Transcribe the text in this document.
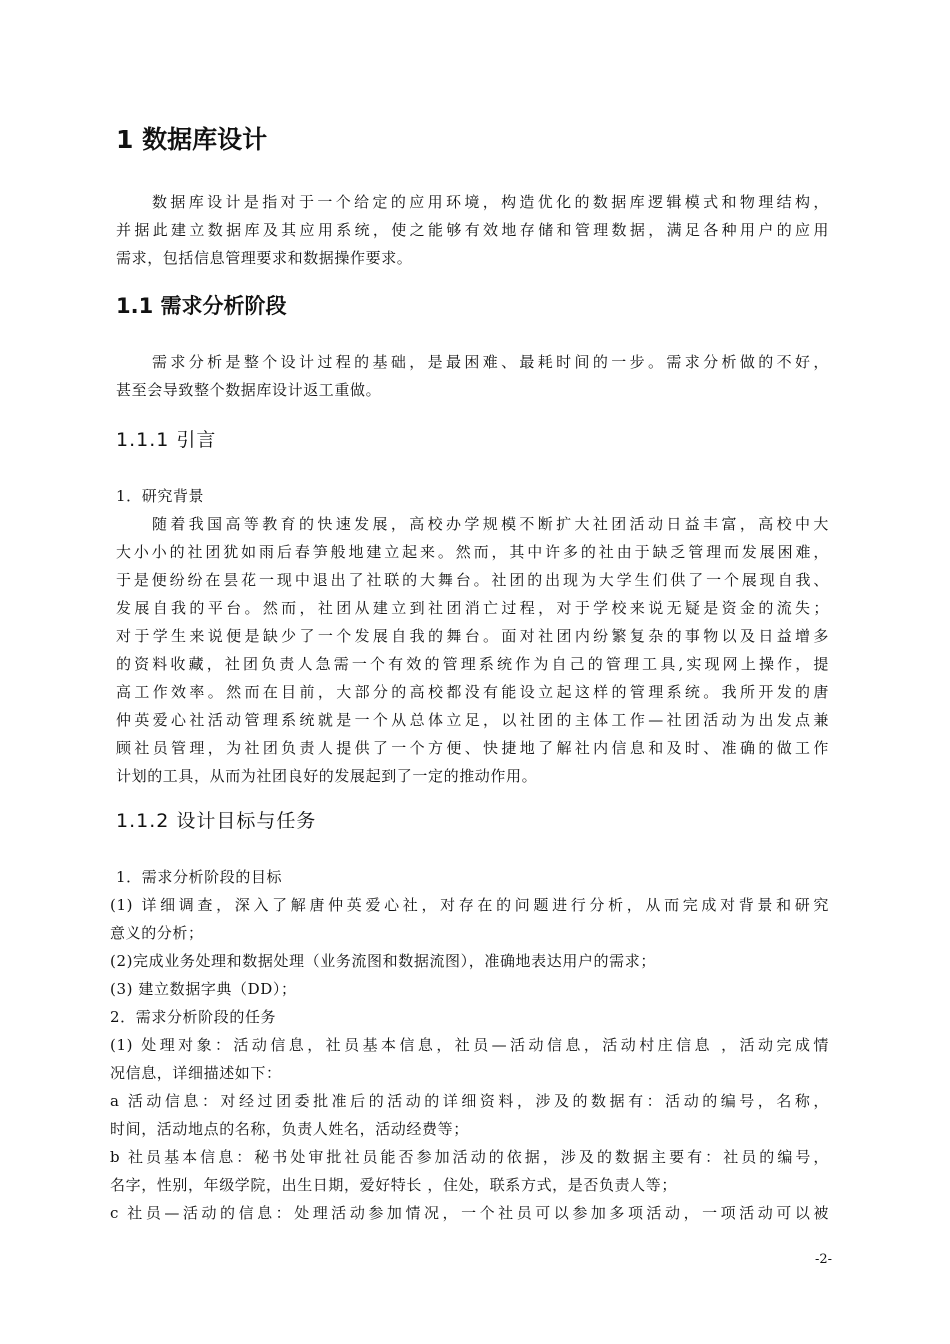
1 数据库设计

数据库设计是指对于一个给定的应用环境，构造优化的数据库逻辑模式和物理结构，

并据此建立数据库及其应用系统，使之能够有效地存储和管理数据，满足各种用户的应用

需求，包括信息管理要求和数据操作要求。

1.1 需求分析阶段

需求分析是整个设计过程的基础，是最困难、最耗时间的一步。需求分析做的不好，

甚至会导致整个数据库设计返工重做。

1.1.1 引言

1．研究背景

随着我国高等教育的快速发展，高校办学规模不断扩大社团活动日益丰富，高校中大

大小小的社团犹如雨后春笋般地建立起来。然而，其中许多的社由于缺乏管理而发展困难，

于是便纷纷在昙花一现中退出了社联的大舞台。社团的出现为大学生们供了一个展现自我、

发展自我的平台。然而，社团从建立到社团消亡过程，对于学校来说无疑是资金的流失；

对于学生来说便是缺少了一个发展自我的舞台。面对社团内纷繁复杂的事物以及日益增多

的资料收藏，社团负责人急需一个有效的管理系统作为自己的管理工具,实现网上操作，提

高工作效率。然而在目前，大部分的高校都没有能设立起这样的管理系统。我所开发的唐

仲英爱心社活动管理系统就是一个从总体立足，以社团的主体工作—社团活动为出发点兼

顾社员管理，为社团负责人提供了一个方便、快捷地了解社内信息和及时、准确的做工作

计划的工具，从而为社团良好的发展起到了一定的推动作用。

1.1.2 设计目标与任务

1．需求分析阶段的目标

(1) 详细调查，深入了解唐仲英爱心社，对存在的问题进行分析，从而完成对背景和研究

意义的分析；

(2)完成业务处理和数据处理（业务流图和数据流图），准确地表达用户的需求；

(3) 建立数据字典（DD）；

2．需求分析阶段的任务

(1) 处理对象：活动信息，社员基本信息，社员—活动信息，活动村庄信息 ，活动完成情

况信息，详细描述如下：

a 活动信息：对经过团委批准后的活动的详细资料，涉及的数据有：活动的编号，名称，

时间，活动地点的名称，负责人姓名，活动经费等；

b 社员基本信息：秘书处审批社员能否参加活动的依据，涉及的数据主要有：社员的编号，

名字，性别，年级学院，出生日期，爱好特长 ，住处，联系方式，是否负责人等；

c 社员—活动的信息：处理活动参加情况，一个社员可以参加多项活动，一项活动可以被

-2-
